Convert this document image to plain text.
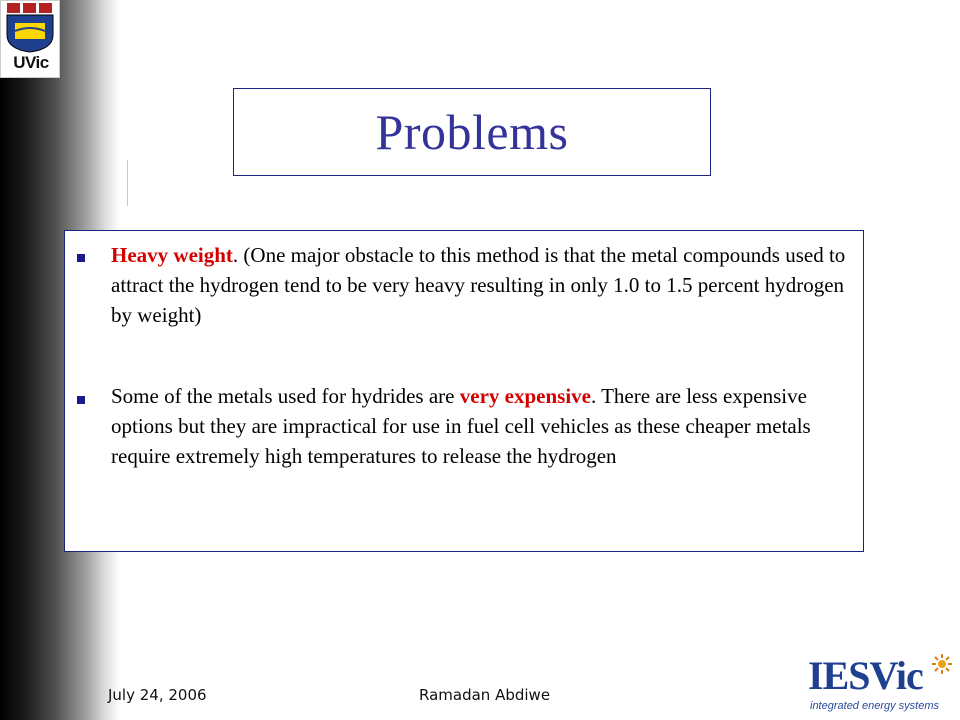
UVic
Problems
Heavy weight. (One major obstacle to this method is that the metal compounds used to attract the hydrogen tend to be very heavy resulting in only 1.0 to 1.5 percent hydrogen by weight)
Some of the metals used for hydrides are very expensive. There are less expensive options but they are impractical for use in fuel cell vehicles as these cheaper metals require extremely high temperatures to release the hydrogen
July 24, 2006	Ramadan Abdiwe	IESVic
integrated energy systems
